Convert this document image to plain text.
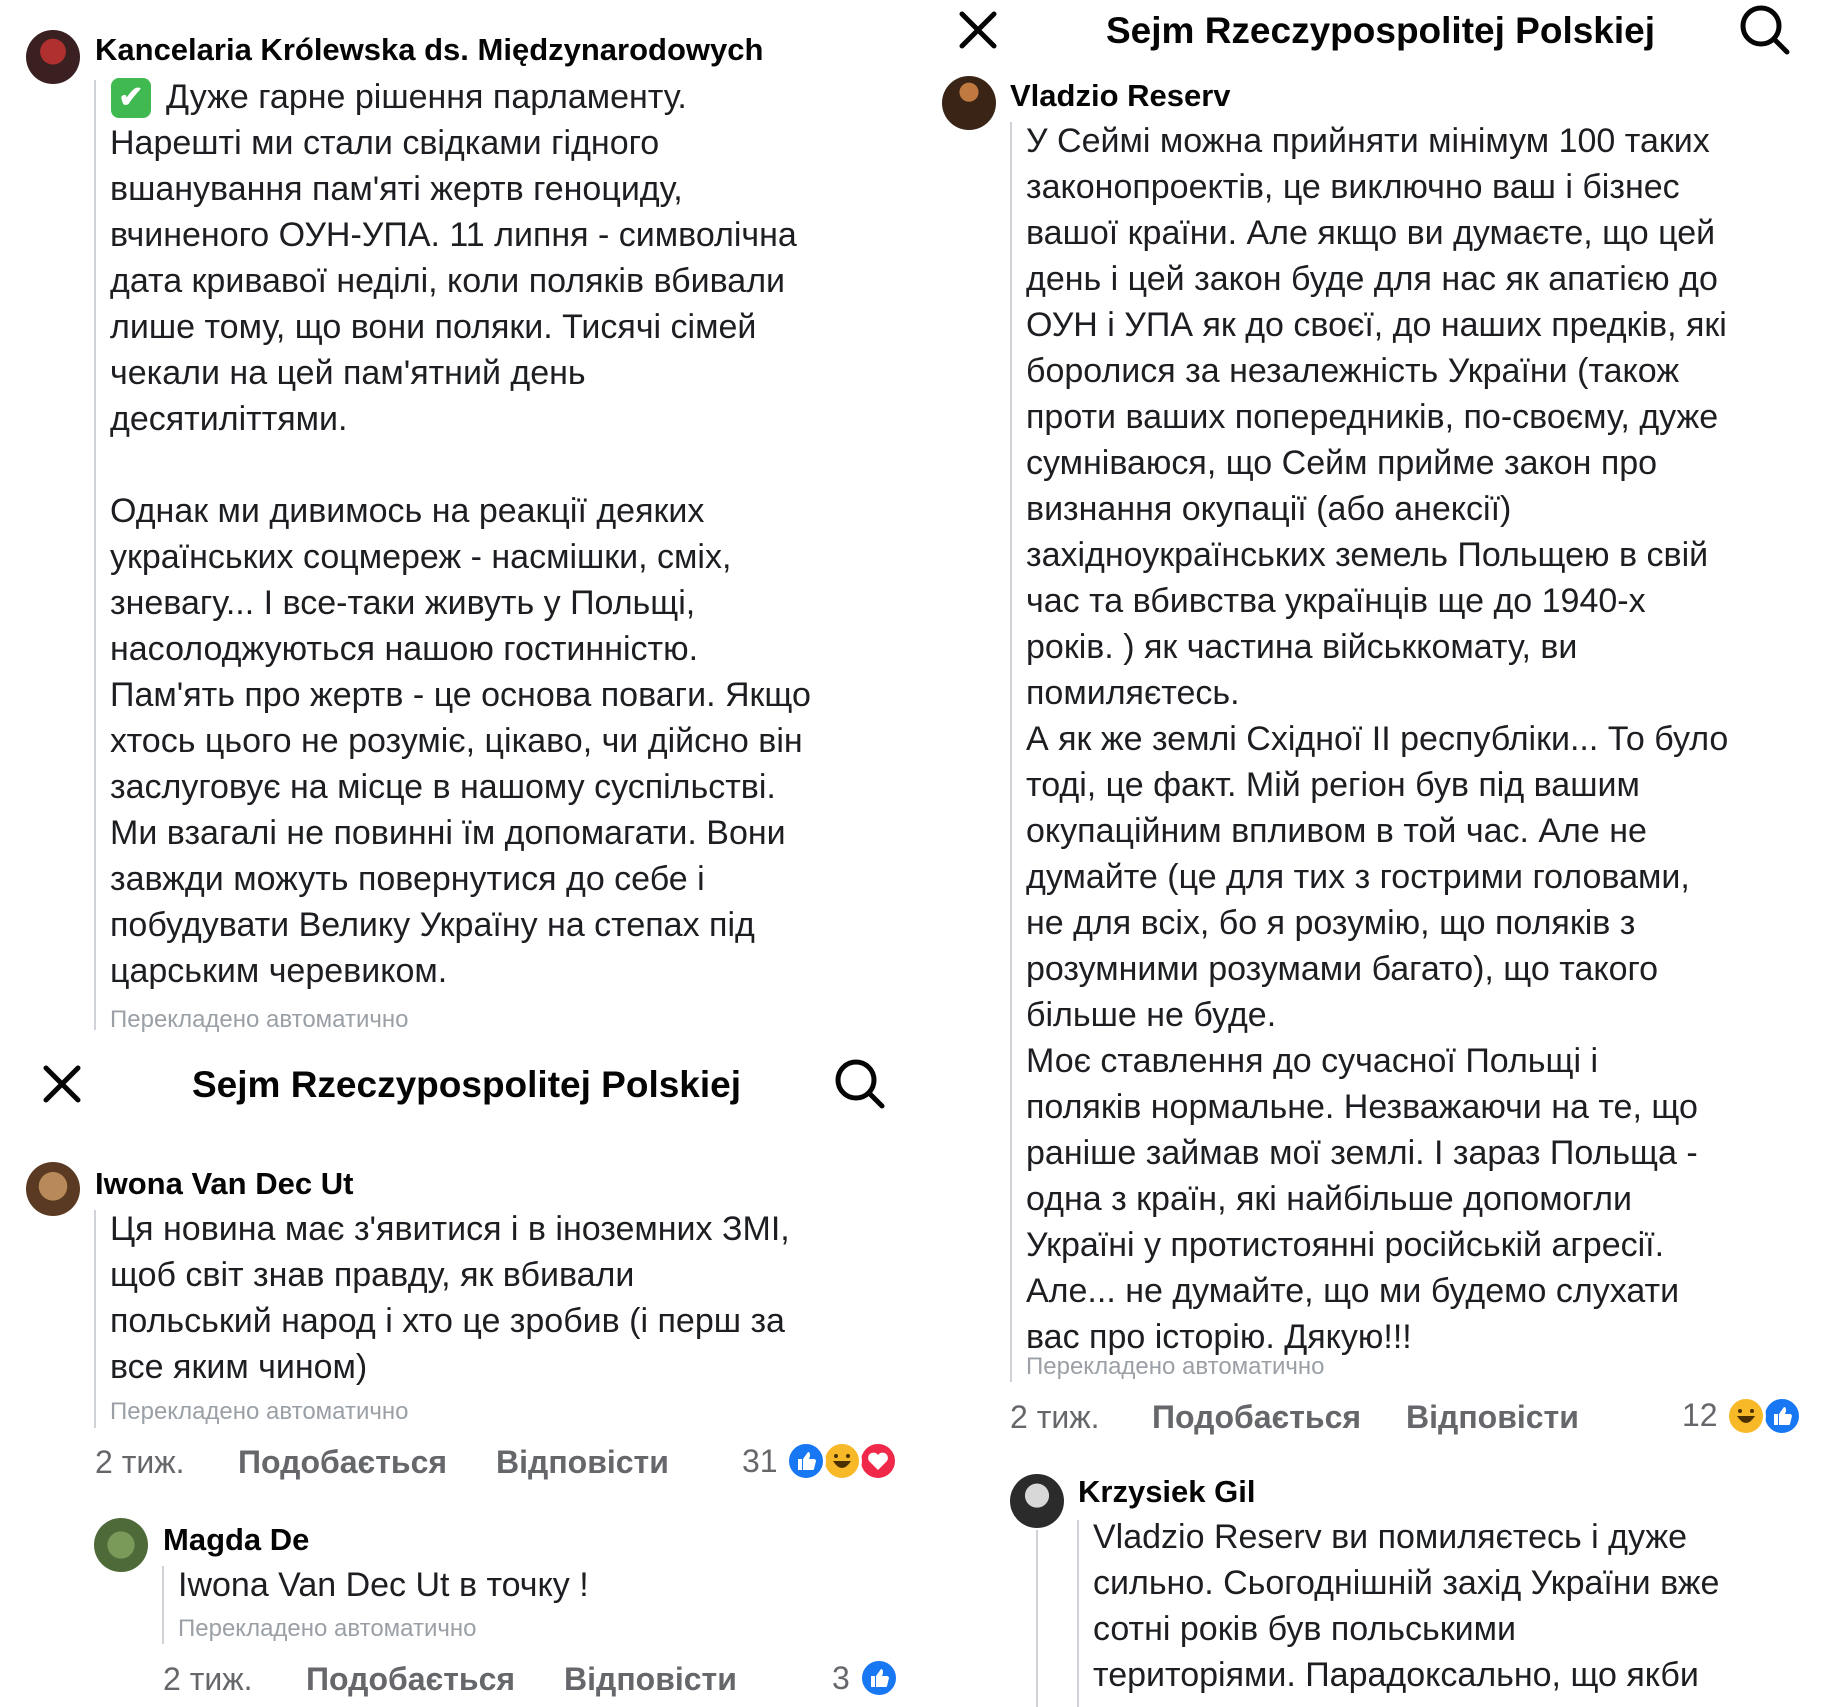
Kancelaria Królewska ds. Międzynarodowych
✔ Дуже гарне рішення парламенту.
Нарешті ми стали свідками гідного
вшанування пам'яті жертв геноциду,
вчиненого ОУН-УПА. 11 липня - символічна
дата кривавої неділі, коли поляків вбивали
лише тому, що вони поляки. Тисячі сімей
чекали на цей пам'ятний день
десятиліттями.

Однак ми дивимось на реакції деяких
українських соцмереж - насмішки, сміх,
зневагу... І все-таки живуть у Польщі,
насолоджуються нашою гостинністю.
Пам'ять про жертв - це основа поваги. Якщо
хтось цього не розуміє, цікаво, чи дійсно він
заслуговує на місце в нашому суспільстві.
Ми взагалі не повинні їм допомагати. Вони
завжди можуть повернутися до себе і
побудувати Велику Україну на степах під
царським черевиком.

Перекладено автоматично
Sejm Rzeczypospolitej Polskiej
Iwona Van Dec Ut

Ця новина має з'явитися і в іноземних ЗМІ,
щоб світ знав правду, як вбивали
польський народ і хто це зробив (і перш за
все яким чином)

Перекладено автоматично
2 тиж. Подобається Відповісти 31
Magda De

Iwona Van Dec Ut в точку !

Перекладено автоматично
2 тиж. Подобається Відповісти	3
Sejm Rzeczypospolitej Polskiej
Vladzio Reserv

У Сеймі можна прийняти мінімум 100 таких
законопроектів, це виключно ваш і бізнес
вашої країни. Але якщо ви думаєте, що цей
день і цей закон буде для нас як апатією до
ОУН і УПА як до своєї, до наших предків, які
боролися за незалежність України (також
проти ваших попередників, по-своєму, дуже
сумніваюся, що Сейм прийме закон про
визнання окупації (або анексії)
західноукраїнських земель Польщею в свій
час та вбивства українців ще до 1940-х
років. ) як частина військкомату, ви
помиляєтесь.
А як же землі Східної ІІ республіки... То було
тоді, це факт. Мій регіон був під вашим
окупаційним впливом в той час. Але не
думайте (це для тих з гострими головами,
не для всіх, бо я розумію, що поляків з
розумними розумами багато), що такого
більше не буде.
Моє ставлення до сучасної Польщі і
поляків нормальне. Незважаючи на те, що
раніше займав мої землі. І зараз Польща -
одна з країн, які найбільше допомогли
Україні у протистоянні російській агресії.
Але... не думайте, що ми будемо слухати
вас про історію. Дякую!!!

Перекладено автоматично
2 тиж. Подобається Відповісти	12
Krzysiek Gil

Vladzio Reserv ви помиляєтесь і дуже
сильно. Сьогоднішній захід України вже
сотні років був польськими
територіями. Парадоксально, що якби
